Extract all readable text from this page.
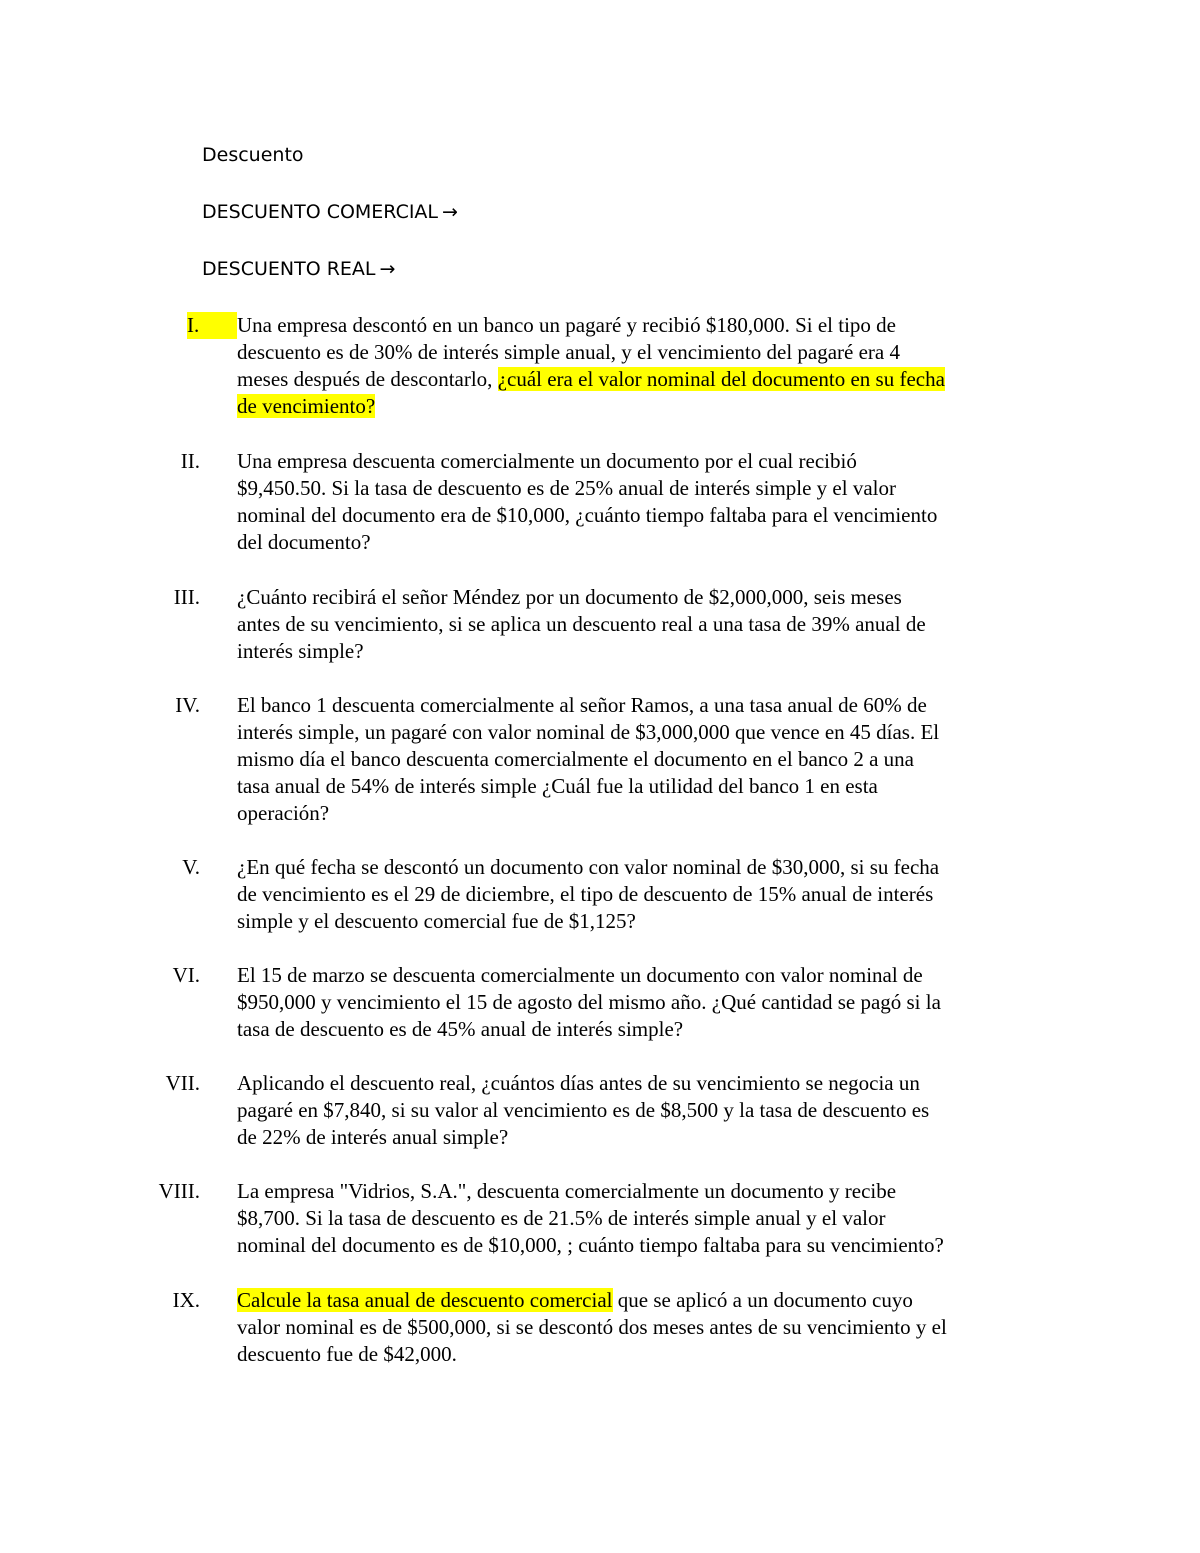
Descuento
DESCUENTO COMERCIAL →
DESCUENTO REAL →
I.	Una empresa descontó en un banco un pagaré y recibió $180,000. Si el tipo de
descuento es de 30% de interés simple anual, y el vencimiento del pagaré era 4
meses después de descontarlo, ¿cuál era el valor nominal del documento en su fecha
de vencimiento?
II. Una empresa descuenta comercialmente un documento por el cual recibió
$9,450.50. Si la tasa de descuento es de 25% anual de interés simple y el valor
nominal del documento era de $10,000, ¿cuánto tiempo faltaba para el vencimiento
del documento?
III. ¿Cuánto recibirá el señor Méndez por un documento de $2,000,000, seis meses
antes de su vencimiento, si se aplica un descuento real a una tasa de 39% anual de
interés simple?
IV. El banco 1 descuenta comercialmente al señor Ramos, a una tasa anual de 60% de
interés simple, un pagaré con valor nominal de $3,000,000 que vence en 45 días. El
mismo día el banco descuenta comercialmente el documento en el banco 2 a una
tasa anual de 54% de interés simple ¿Cuál fue la utilidad del banco 1 en esta
operación?
V. ¿En qué fecha se descontó un documento con valor nominal de $30,000, si su fecha
de vencimiento es el 29 de diciembre, el tipo de descuento de 15% anual de interés
simple y el descuento comercial fue de $1,125?
VI. El 15 de marzo se descuenta comercialmente un documento con valor nominal de
$950,000 y vencimiento el 15 de agosto del mismo año. ¿Qué cantidad se pagó si la
tasa de descuento es de 45% anual de interés simple?
VII. Aplicando el descuento real, ¿cuántos días antes de su vencimiento se negocia un
pagaré en $7,840, si su valor al vencimiento es de $8,500 y la tasa de descuento es
de 22% de interés anual simple?
VIII. La empresa "Vidrios, S.A.", descuenta comercialmente un documento y recibe
$8,700. Si la tasa de descuento es de 21.5% de interés simple anual y el valor
nominal del documento es de $10,000, ; cuánto tiempo faltaba para su vencimiento?
IX. Calcule la tasa anual de descuento comercial que se aplicó a un documento cuyo
valor nominal es de $500,000, si se descontó dos meses antes de su vencimiento y el
descuento fue de $42,000.
